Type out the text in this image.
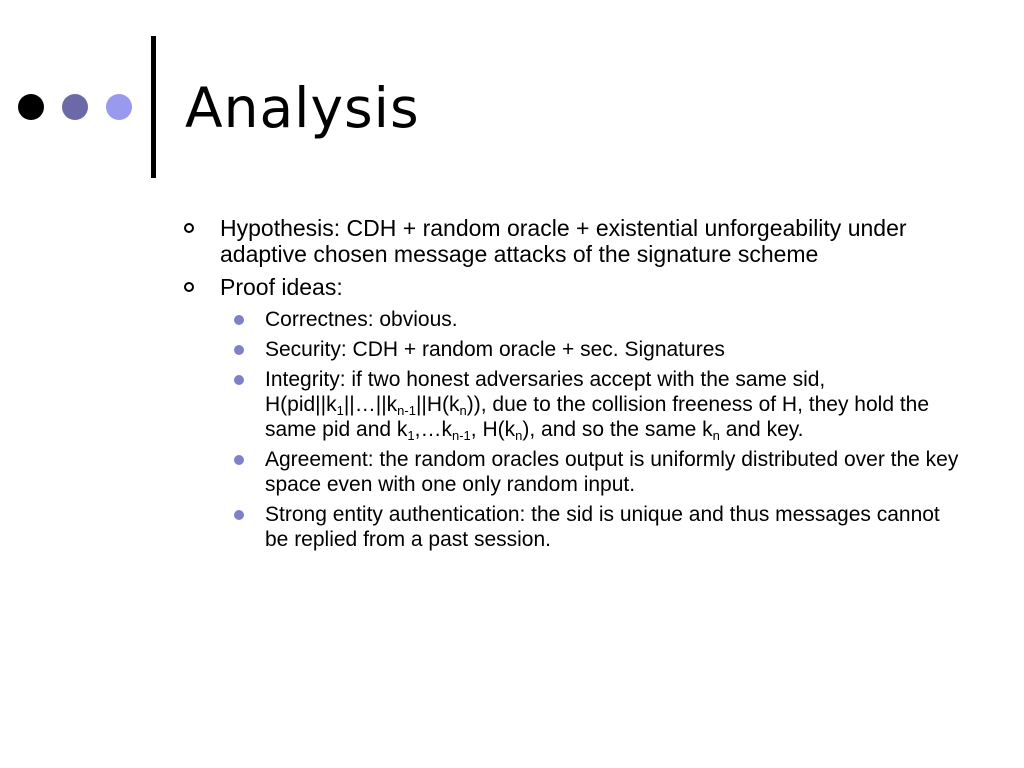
Analysis
Hypothesis: CDH + random oracle + existential unforgeability under adaptive chosen message attacks of the signature scheme
Proof ideas:
Correctnes: obvious.
Security: CDH + random oracle + sec. Signatures
Integrity: if two honest adversaries accept with the same sid, $H(pid||k_1||\dots||k_{n-1}||H(k_n))$, due to the collision freeness of H, they hold the same pid and $k_1,\dots k_{n-1}$, $H(k_n)$, and so the same $k_n$ and key.
Agreement: the random oracles output is uniformly distributed over the key space even with one only random input.
Strong entity authentication: the sid is unique and thus messages cannot be replied from a past session.
